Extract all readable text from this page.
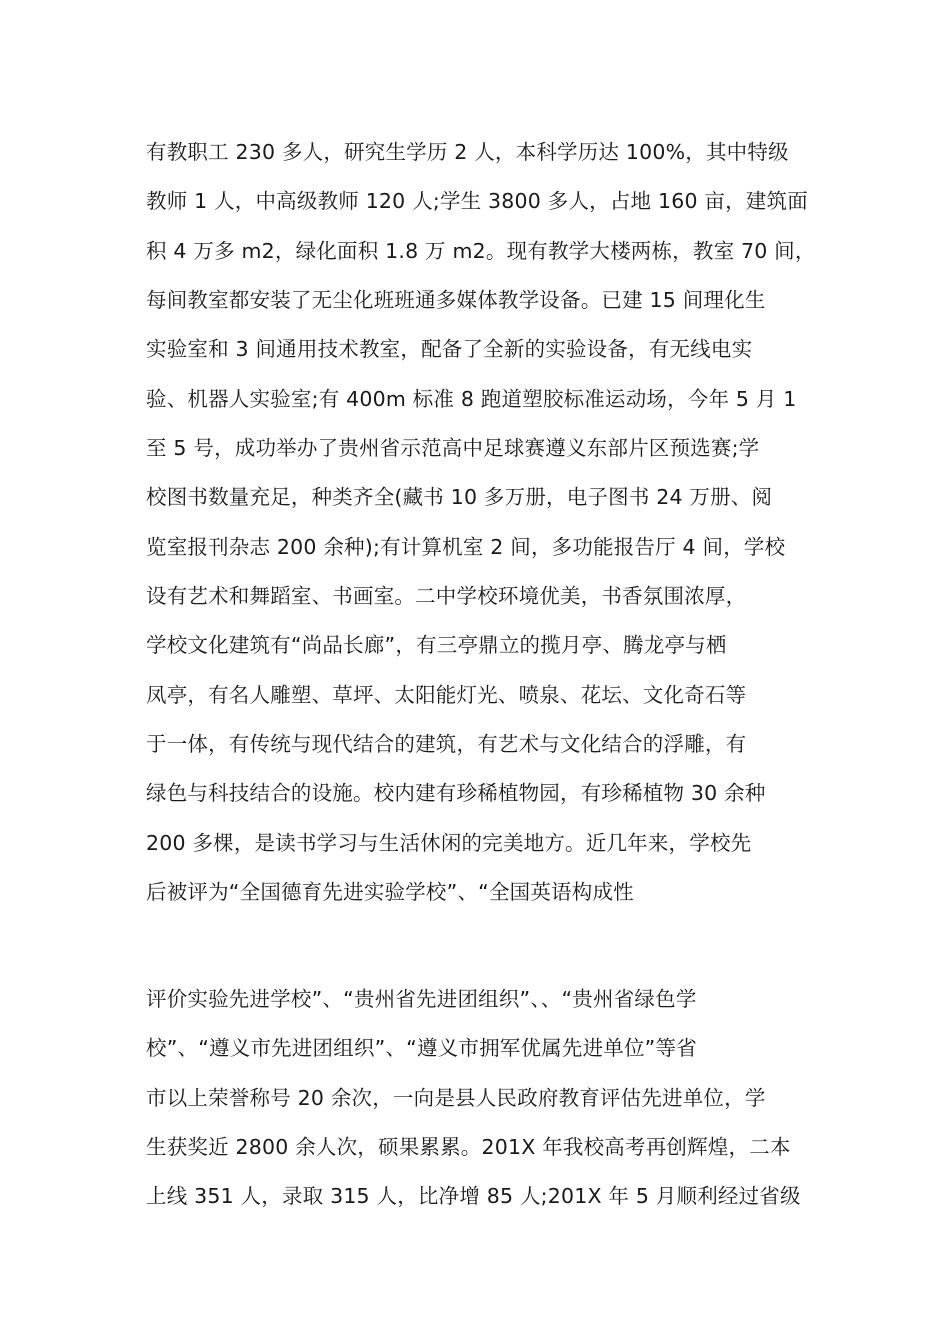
有教职工 230 多人，研究生学历 2 人，本科学历达 100%，其中特级
教师 1 人，中高级教师 120 人;学生 3800 多人，占地 160 亩，建筑面
积 4 万多 m2，绿化面积 1.8 万 m2。现有教学大楼两栋，教室 70 间，
每间教室都安装了无尘化班班通多媒体教学设备。已建 15 间理化生
实验室和 3 间通用技术教室，配备了全新的实验设备，有无线电实
验、机器人实验室;有 400m 标准 8 跑道塑胶标准运动场，今年 5 月 1
至 5 号，成功举办了贵州省示范高中足球赛遵义东部片区预选赛;学
校图书数量充足，种类齐全(藏书 10 多万册，电子图书 24 万册、阅
览室报刊杂志 200 余种);有计算机室 2 间，多功能报告厅 4 间，学校
设有艺术和舞蹈室、书画室。二中学校环境优美，书香氛围浓厚，
学校文化建筑有“尚品长廊”，有三亭鼎立的揽月亭、腾龙亭与栖
凤亭，有名人雕塑、草坪、太阳能灯光、喷泉、花坛、文化奇石等
于一体，有传统与现代结合的建筑，有艺术与文化结合的浮雕，有
绿色与科技结合的设施。校内建有珍稀植物园，有珍稀植物 30 余种
200 多棵，是读书学习与生活休闲的完美地方。近几年来，学校先
后被评为“全国德育先进实验学校”、“全国英语构成性

评价实验先进学校”、“贵州省先进团组织”、、“贵州省绿色学
校”、“遵义市先进团组织”、“遵义市拥军优属先进单位”等省
市以上荣誉称号 20 余次，一向是县人民政府教育评估先进单位，学
生获奖近 2800 余人次，硕果累累。201X 年我校高考再创辉煌，二本
上线 351 人，录取 315 人，比净增 85 人;201X 年 5 月顺利经过省级
